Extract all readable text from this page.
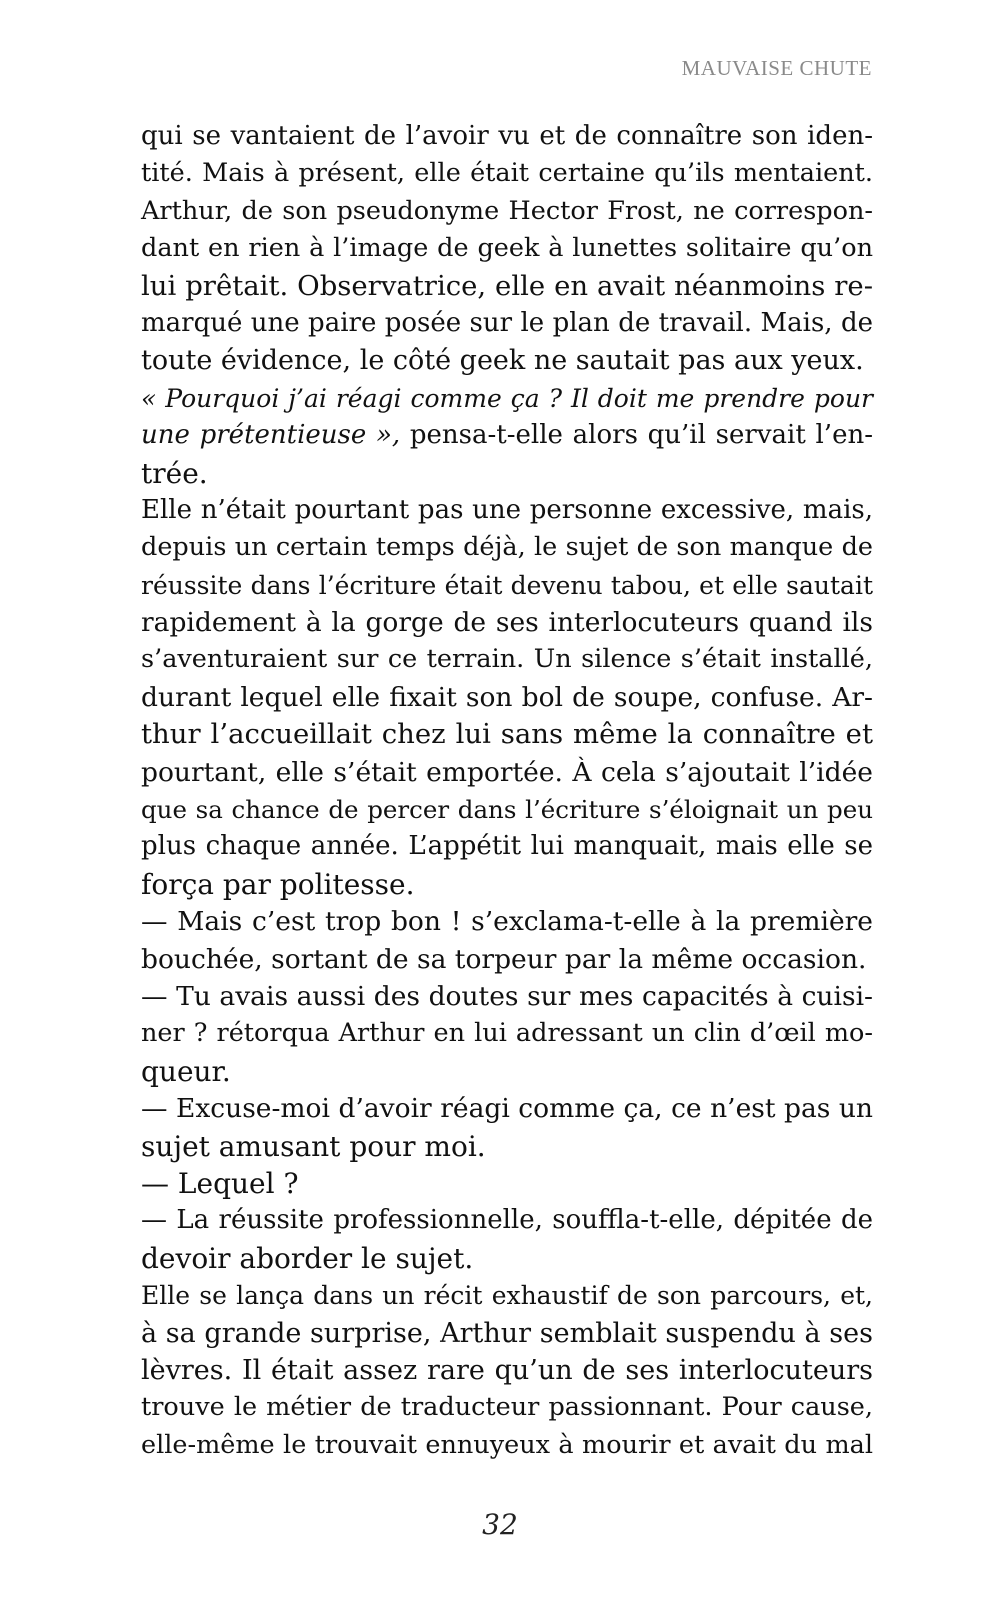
MAUVAISE CHUTE
qui se vantaient de l’avoir vu et de connaître son iden-
tité. Mais à présent, elle était certaine qu’ils mentaient.
Arthur, de son pseudonyme Hector Frost, ne correspon-
dant en rien à l’image de geek à lunettes solitaire qu’on
lui prêtait. Observatrice, elle en avait néanmoins re-
marqué une paire posée sur le plan de travail. Mais, de
toute évidence, le côté geek ne sautait pas aux yeux.
« Pourquoi j’ai réagi comme ça ? Il doit me prendre pour
une prétentieuse », pensa-t-elle alors qu’il servait l’en-
trée.
Elle n’était pourtant pas une personne excessive, mais,
depuis un certain temps déjà, le sujet de son manque de
réussite dans l’écriture était devenu tabou, et elle sautait
rapidement à la gorge de ses interlocuteurs quand ils
s’aventuraient sur ce terrain. Un silence s’était installé,
durant lequel elle fixait son bol de soupe, confuse. Ar-
thur l’accueillait chez lui sans même la connaître et
pourtant, elle s’était emportée. À cela s’ajoutait l’idée
que sa chance de percer dans l’écriture s’éloignait un peu
plus chaque année. L’appétit lui manquait, mais elle se
força par politesse.
— Mais c’est trop bon ! s’exclama-t-elle à la première
bouchée, sortant de sa torpeur par la même occasion.
— Tu avais aussi des doutes sur mes capacités à cuisi-
ner ? rétorqua Arthur en lui adressant un clin d’œil mo-
queur.
— Excuse-moi d’avoir réagi comme ça, ce n’est pas un
sujet amusant pour moi.
— Lequel ?
— La réussite professionnelle, souffla-t-elle, dépitée de
devoir aborder le sujet.
Elle se lança dans un récit exhaustif de son parcours, et,
à sa grande surprise, Arthur semblait suspendu à ses
lèvres. Il était assez rare qu’un de ses interlocuteurs
trouve le métier de traducteur passionnant. Pour cause,
elle-même le trouvait ennuyeux à mourir et avait du mal
32
